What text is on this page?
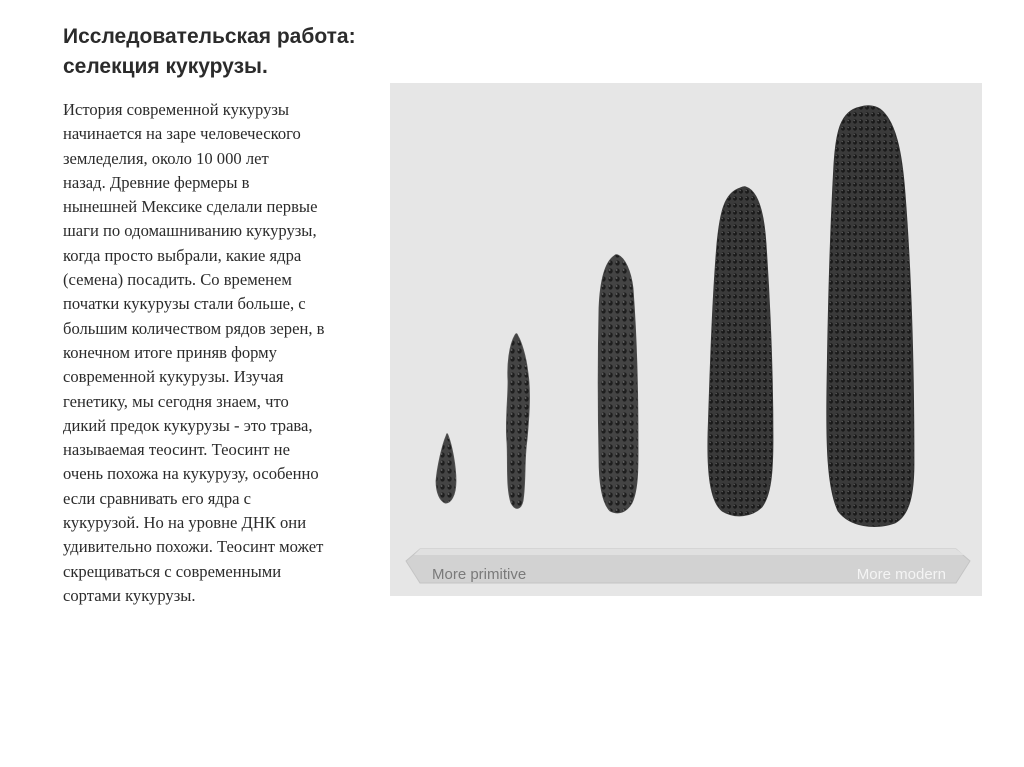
Исследовательская работа:
селекция кукурузы.
История современной кукурузы
начинается на заре человеческого
земледелия, около 10 000 лет
назад. Древние фермеры в
нынешней Мексике сделали первые
шаги по одомашниванию кукурузы,
когда просто выбрали, какие ядра
(семена) посадить. Со временем
початки кукурузы стали больше, с
большим количеством рядов зерен, в
конечном итоге приняв форму
современной кукурузы. Изучая
генетику, мы сегодня знаем, что
дикий предок кукурузы - это трава,
называемая теосинт. Теосинт не
очень похожа на кукурузу, особенно
если сравнивать его ядра с
кукурузой. Но на уровне ДНК они
удивительно похожи. Теосинт может
скрещиваться с современными
сортами кукурузы.
More primitive	More modern
